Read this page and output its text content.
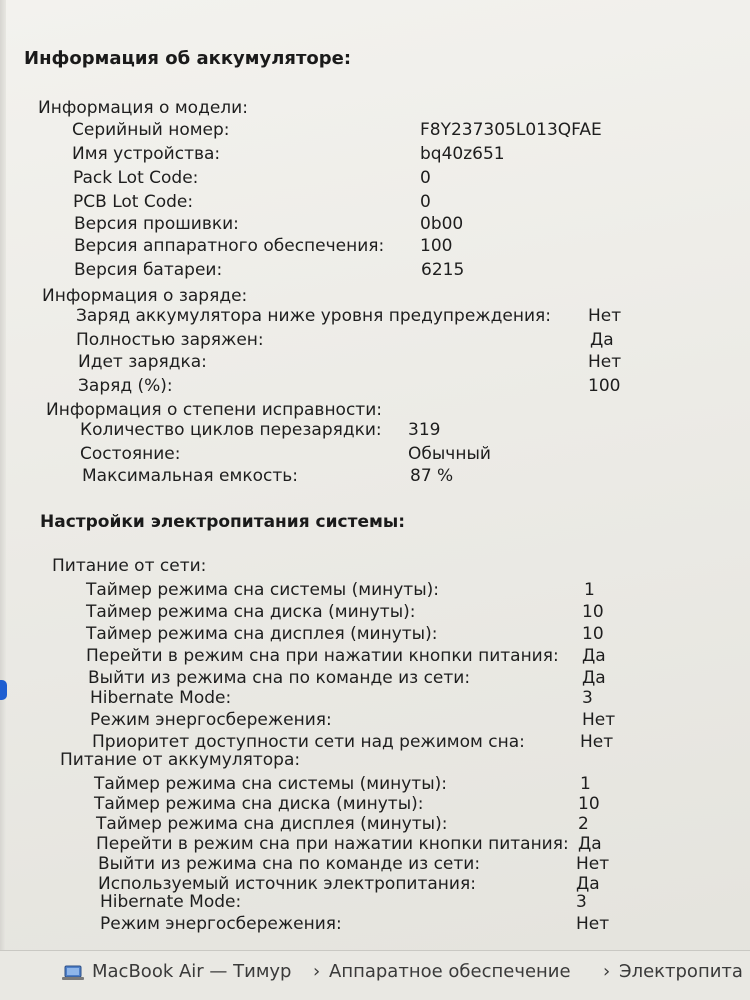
Информация об аккумуляторе:
Информация о модели:
Серийный номер:	F8Y237305L013QFAE
Имя устройства:	bq40z651
Pack Lot Code:	0
PCB Lot Code:	0
Версия прошивки:	0b00
Версия аппаратного обеспечения: 100
Версия батареи:	6215
Информация о заряде:
Заряд аккумулятора ниже уровня предупреждения: Нет
Полностью заряжен:	Да
Идет зарядка:	Нет
Заряд (%):	100
Информация о степени исправности:
Количество циклов перезарядки: 319
Состояние:	Обычный
Максимальная емкость:	87 %
Настройки электропитания системы:
Питание от сети:
Таймер режима сна системы (минуты):	1
Таймер режима сна диска (минуты):	10
Таймер режима сна дисплея (минуты):	10
Перейти в режим сна при нажатии кнопки питания: Да
Выйти из режима сна по команде из сети:	Да
Hibernate Mode:	3
Режим энергосбережения:	Нет
Приоритет доступности сети над режимом сна:	Нет
Питание от аккумулятора:
Таймер режима сна системы (минуты):	1
Таймер режима сна диска (минуты):	10
Таймер режима сна дисплея (минуты):	2
Перейти в режим сна при нажатии кнопки питания: Да
Выйти из режима сна по команде из сети:	Нет
Используемый источник электропитания:	Да
Hibernate Mode:	3
Режим энергосбережения:	Нет
MacBook Air — Тимур › Аппаратное обеспечение › Электропита
